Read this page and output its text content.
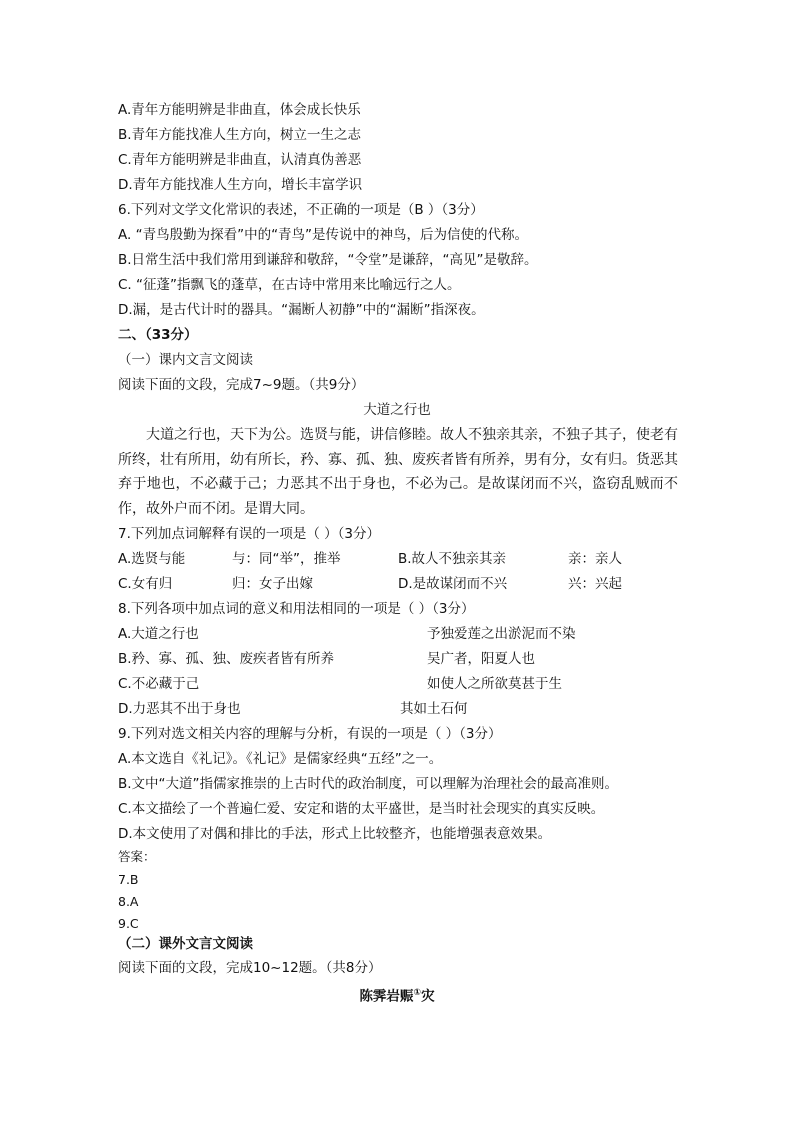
A.青年方能明辨是非曲直，体会成长快乐
B.青年方能找准人生方向，树立一生之志
C.青年方能明辨是非曲直，认清真伪善恶
D.青年方能找准人生方向，增长丰富学识
6.下列对文学文化常识的表述，不正确的一项是（B ）（3分）
A. “青鸟殷勤为探看”中的“青鸟”是传说中的神鸟，后为信使的代称。
B.日常生活中我们常用到谦辞和敬辞，“令堂”是谦辞，“高见”是敬辞。
C. “征蓬”指飘飞的蓬草，在古诗中常用来比喻远行之人。
D.漏，是古代计时的器具。“漏断人初静”中的“漏断”指深夜。
二、（33分）
（一）课内文言文阅读
阅读下面的文段，完成7~9题。（共9分）
大道之行也
大道之行也，天下为公。选贤与能，讲信修睦。故人不独亲其亲，不独子其子，使老有所终，壮有所用，幼有所长，矜、寡、孤、独、废疾者皆有所养，男有分，女有归。货恶其弃于地也，不必藏于己；力恶其不出于身也，不必为己。是故谋闭而不兴，盗窃乱贼而不作，故外户而不闭。是谓大同。
7.下列加点词解释有误的一项是（ ）（3分）
A.选贤与能	与：同“举”，推举	B.故人不独亲其亲	亲：亲人
C.女有归	归：女子出嫁	D.是故谋闭而不兴	兴：兴起
8.下列各项中加点词的意义和用法相同的一项是（ ）（3分）
A.大道之行也	予独爱莲之出淤泥而不染
B.矜、寡、孤、独、废疾者皆有所养	吴广者，阳夏人也
C.不必藏于己	如使人之所欲莫甚于生
D.力恶其不出于身也	其如土石何
9.下列对选文相关内容的理解与分析，有误的一项是（ ）（3分）
A.本文选自《礼记》。《礼记》是儒家经典“五经”之一。
B.文中“大道”指儒家推崇的上古时代的政治制度，可以理解为治理社会的最高准则。
C.本文描绘了一个普遍仁爱、安定和谐的太平盛世，是当时社会现实的真实反映。
D.本文使用了对偶和排比的手法，形式上比较整齐，也能增强表意效果。
答案：
7.B
8.A
9.C
（二）课外文言文阅读
阅读下面的文段，完成10~12题。（共8分）
陈霁岩赈①灾
